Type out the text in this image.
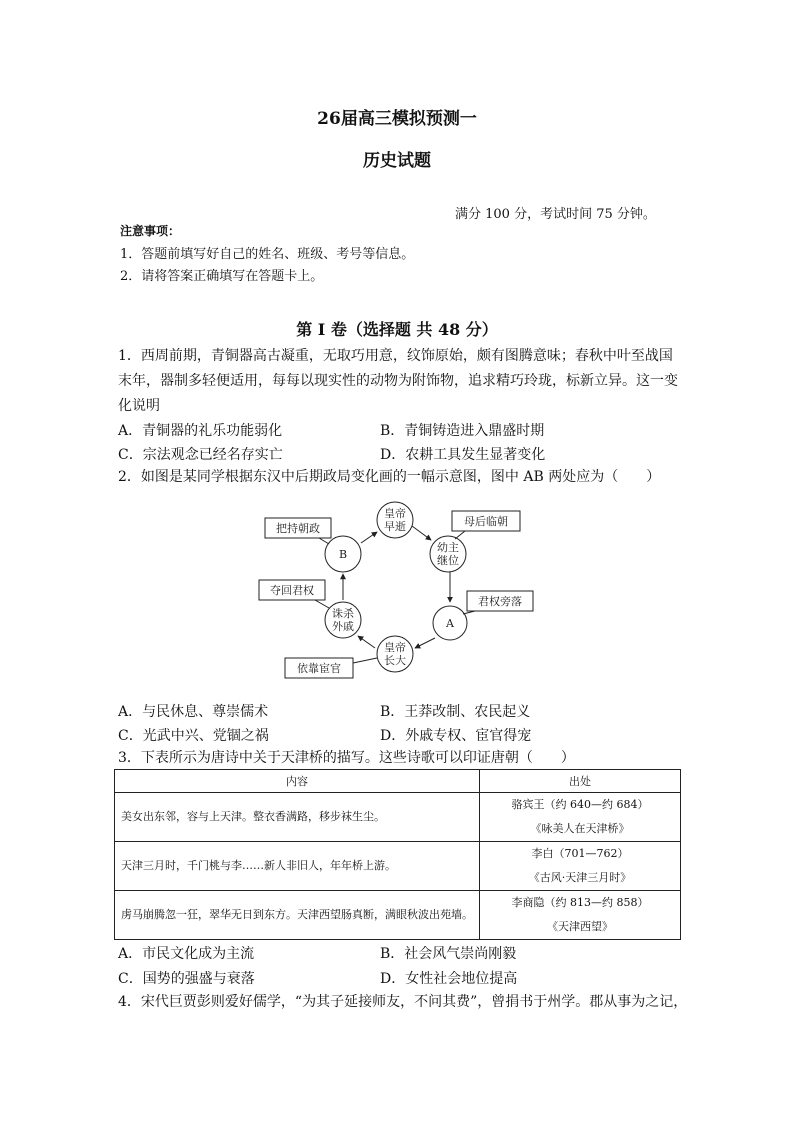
26届高三模拟预测一
历史试题
满分 100 分，考试时间 75 分钟。
注意事项：
1．答题前填写好自己的姓名、班级、考号等信息。
2．请将答案正确填写在答题卡上。
第 I 卷（选择题 共 48 分）
1．西周前期，青铜器高古凝重，无取巧用意，纹饰原始，颇有图腾意味；春秋中叶至战国末年，器制多轻便适用，每每以现实性的动物为附饰物，追求精巧玲珑，标新立异。这一变化说明
A．青铜器的礼乐功能弱化	B．青铜铸造进入鼎盛时期
C．宗法观念已经名存实亡	D．农耕工具发生显著变化
2．如图是某同学根据东汉中后期政局变化画的一幅示意图，图中 AB 两处应为（　　）
皇帝
早逝
幼主
继位
A
皇帝
长大
诛杀
外戚
B
母后临朝
君权旁落
依靠宦官
夺回君权
把持朝政
A．与民休息、尊崇儒术	B．王莽改制、农民起义
C．光武中兴、党锢之祸	D．外戚专权、宦官得宠
3．下表所示为唐诗中关于天津桥的描写。这些诗歌可以印证唐朝（　　）
内容	出处
美女出东邻，容与上天津。整衣香满路，移步袜生尘。	骆宾王（约 640—约 684）
《咏美人在天津桥》

天津三月时，千门桃与李……新人非旧人，年年桥上游。	李白（701—762）
《古风·天津三月时》

虏马崩腾忽一狂，翠华无日到东方。天津西望肠真断，满眼秋波出苑墙。	李商隐（约 813—约 858）
《天津西望》
A．市民文化成为主流	B．社会风气崇尚刚毅
C．国势的强盛与衰落	D．女性社会地位提高
4．宋代巨贾彭则爱好儒学，“为其子延接师友，不问其费”，曾捐书于州学。郡从事为之记，
